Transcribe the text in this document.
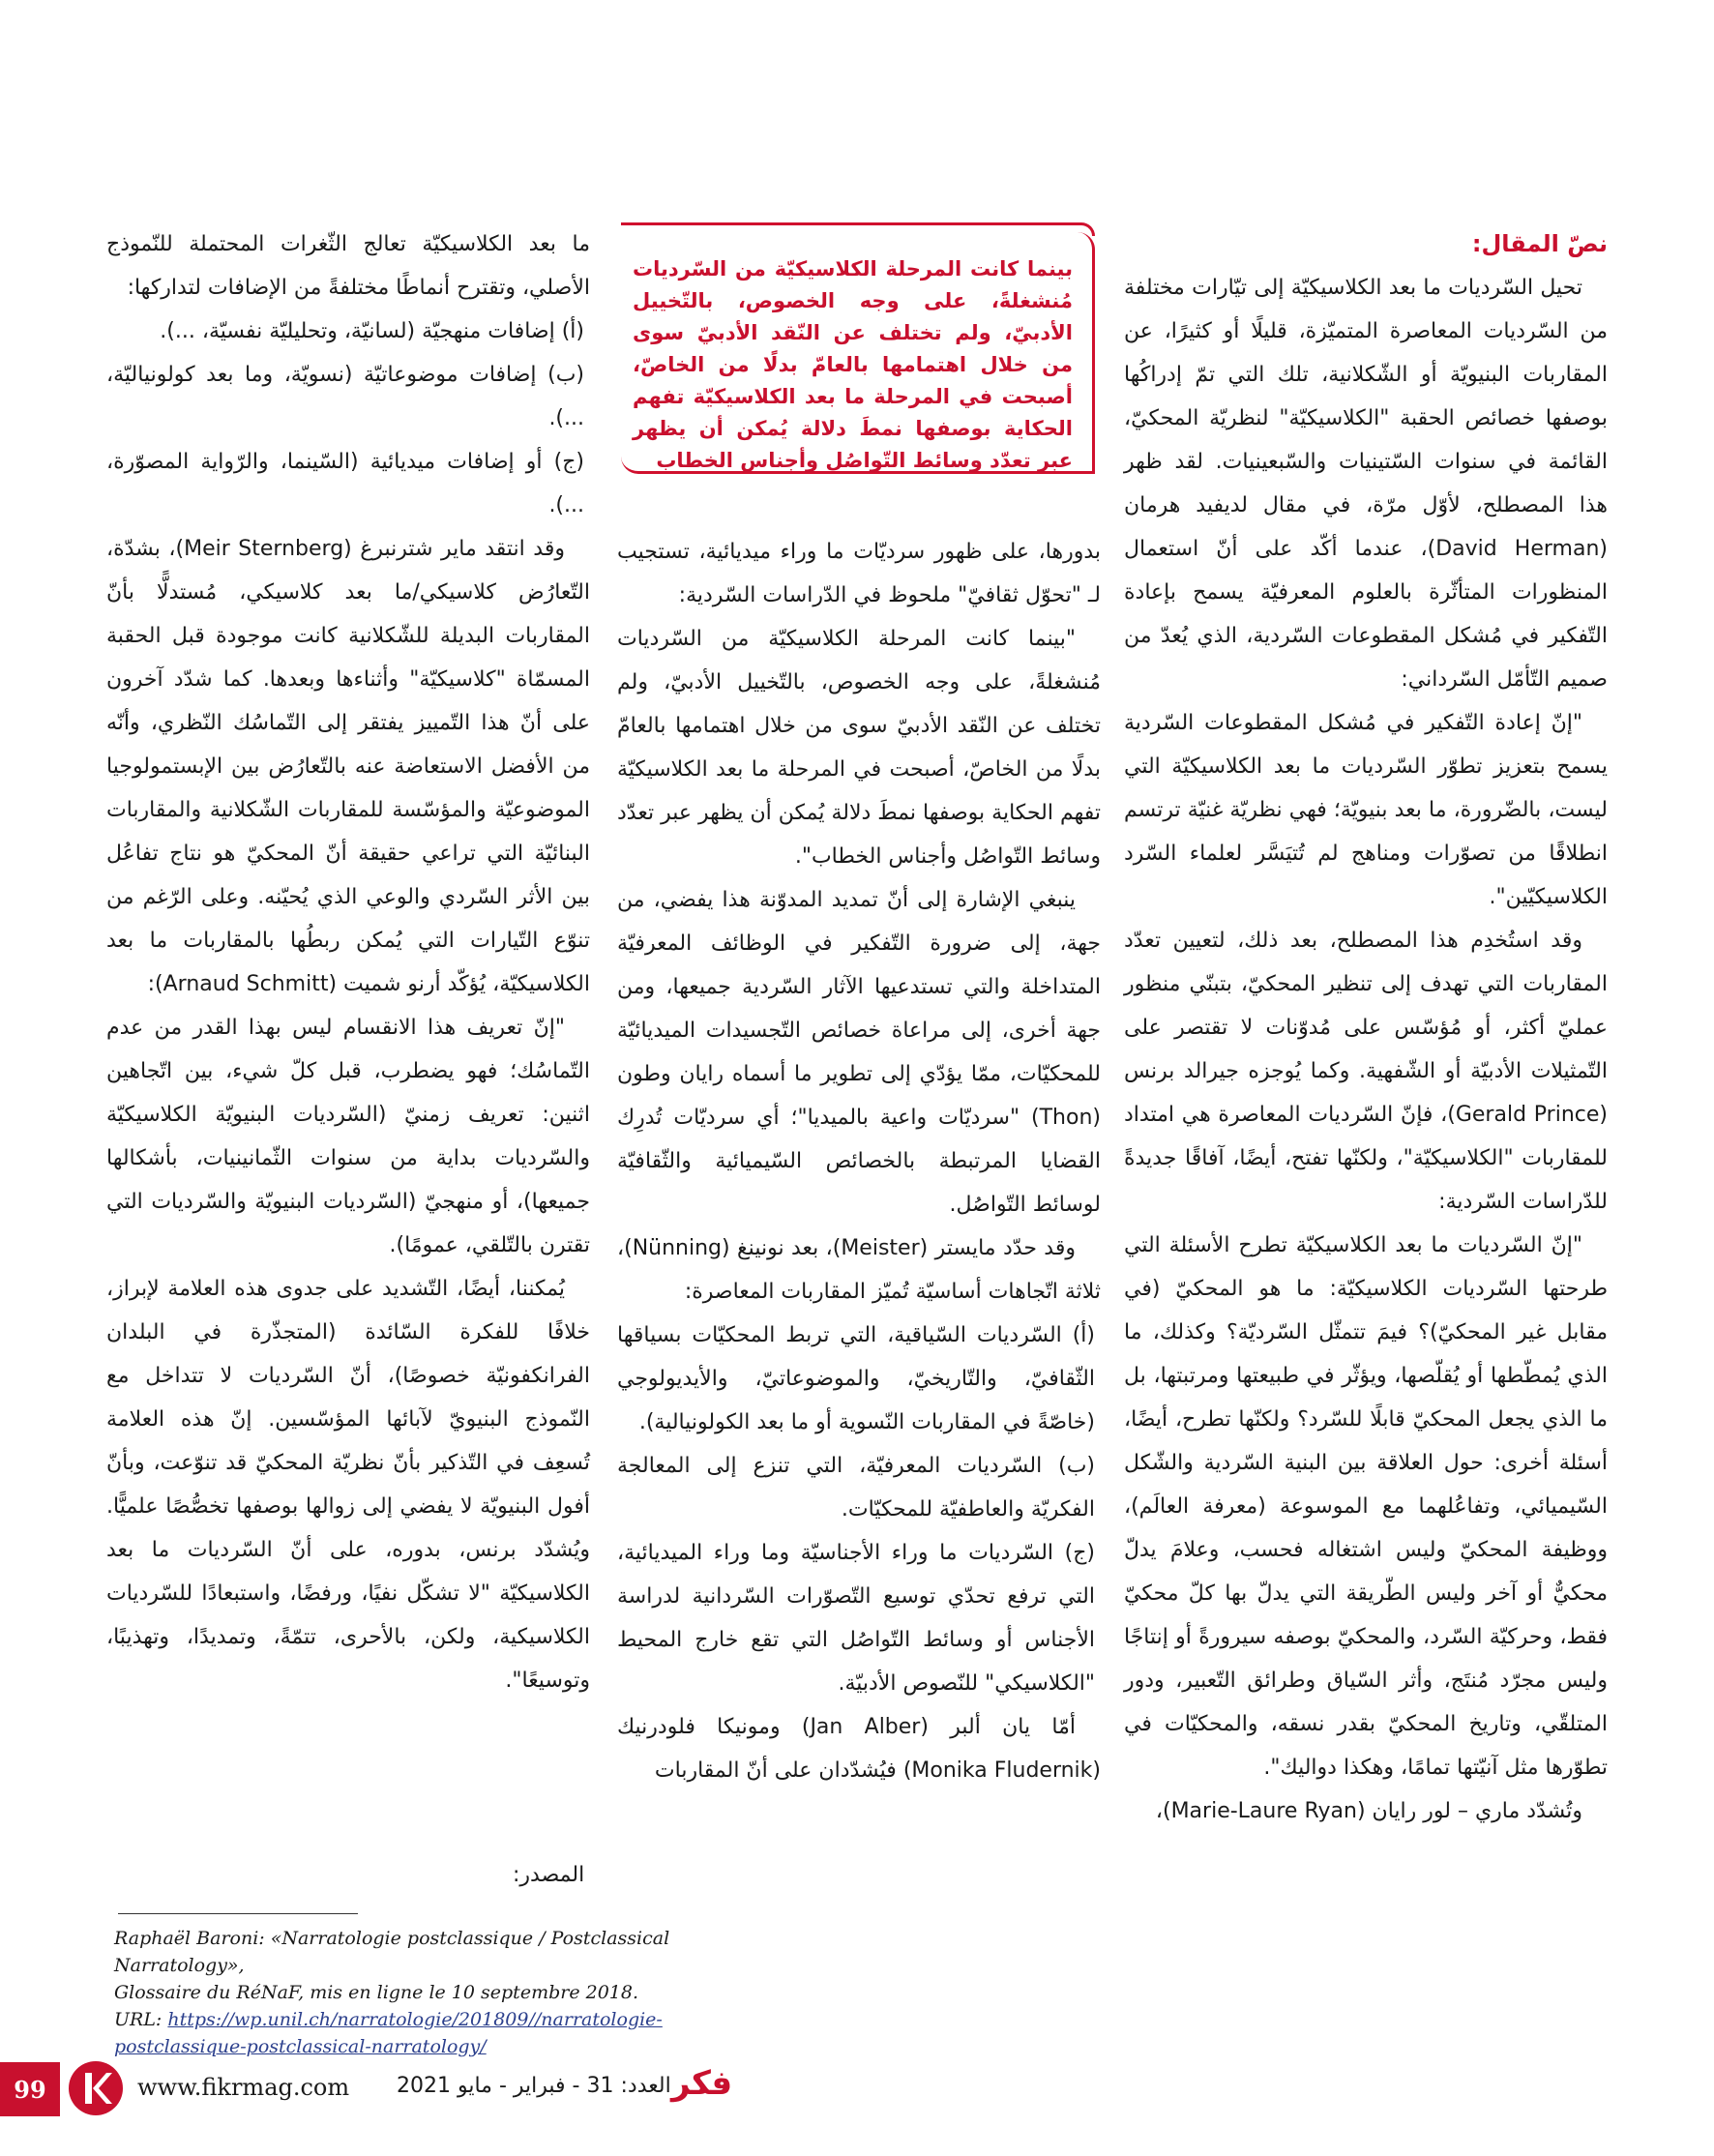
نصّ المقال:

تحيل السّرديات ما بعد الكلاسيكيّة إلى تيّارات مختلفة من السّرديات المعاصرة المتميّزة، قليلًا أو كثيرًا، عن المقاربات البنيويّة أو الشّكلانية، تلك التي تمّ إدراكُها بوصفها خصائص الحقبة "الكلاسيكيّة" لنظريّة المحكيّ، القائمة في سنوات السّتينيات والسّبعينيات. لقد ظهر هذا المصطلح، لأوّل مرّة، في مقال لديفيد هرمان (David Herman)، عندما أكّد على أنّ استعمال المنظورات المتأثّرة بالعلوم المعرفيّة يسمح بإعادة التّفكير في مُشكل المقطوعات السّردية، الذي يُعدّ من صميم التّأمّل السّرداني:

"إنّ إعادة التّفكير في مُشكل المقطوعات السّردية يسمح بتعزيز تطوّر السّرديات ما بعد الكلاسيكيّة التي ليست، بالضّرورة، ما بعد بنيويّة؛ فهي نظريّة غنيّة ترتسم انطلاقًا من تصوّرات ومناهج لم تُتيَسَّر لعلماء السّرد الكلاسيكيّين".

وقد استُخدِم هذا المصطلح، بعد ذلك، لتعيين تعدّد المقاربات التي تهدف إلى تنظير المحكيّ، بتبنّي منظور عمليّ أكثر، أو مُؤسّس على مُدوّنات لا تقتصر على التّمثيلات الأدبيّة أو الشّفهية. وكما يُوجزه جيرالد برنس (Gerald Prince)، فإنّ السّرديات المعاصرة هي امتداد للمقاربات "الكلاسيكيّة"، ولكنّها تفتح، أيضًا، آفاقًا جديدةً للدّراسات السّردية:

"إنّ السّرديات ما بعد الكلاسيكيّة تطرح الأسئلة التي طرحتها السّرديات الكلاسيكيّة: ما هو المحكيّ (في مقابل غير المحكيّ)؟ فيمَ تتمثّل السّرديّة؟ وكذلك، ما الذي يُمطّطها أو يُقلّصها، ويؤثّر في طبيعتها ومرتبتها، بل ما الذي يجعل المحكيّ قابلًا للسّرد؟ ولكنّها تطرح، أيضًا، أسئلة أخرى: حول العلاقة بين البنية السّردية والشّكل السّيميائي، وتفاعُلهما مع الموسوعة (معرفة العالَم)، ووظيفة المحكيّ وليس اشتغاله فحسب، وعلامَ يدلّ محكيٌّ أو آخر وليس الطّريقة التي يدلّ بها كلّ محكيّ فقط، وحركيّة السّرد، والمحكيّ بوصفه سيرورةً أو إنتاجًا وليس مجرّد مُنتَج، وأثر السّياق وطرائق التّعبير، ودور المتلقّي، وتاريخ المحكيّ بقدر نسقه، والمحكيّات في تطوّرها مثل آنيّتها تمامًا، وهكذا دواليك".

وتُشدّد ماري – لور رايان (Marie-Laure Ryan)،

بينما كانت المرحلة الكلاسيكيّة من السّرديات مُنشغلةً، على وجه الخصوص، بالتّخييل الأدبيّ، ولم تختلف عن النّقد الأدبيّ سوى من خلال اهتمامها بالعامّ بدلًا من الخاصّ، أصبحت في المرحلة ما بعد الكلاسيكيّة تفهم الحكاية بوصفها نمطَ دلالة يُمكن أن يظهر عبر تعدّد وسائط التّواصُل وأجناس الخطاب

بدورها، على ظهور سرديّات ما وراء ميديائية، تستجيب لـ "تحوّل ثقافيّ" ملحوظ في الدّراسات السّردية:

"بينما كانت المرحلة الكلاسيكيّة من السّرديات مُنشغلةً، على وجه الخصوص، بالتّخييل الأدبيّ، ولم تختلف عن النّقد الأدبيّ سوى من خلال اهتمامها بالعامّ بدلًا من الخاصّ، أصبحت في المرحلة ما بعد الكلاسيكيّة تفهم الحكاية بوصفها نمطَ دلالة يُمكن أن يظهر عبر تعدّد وسائط التّواصُل وأجناس الخطاب".

ينبغي الإشارة إلى أنّ تمديد المدوّنة هذا يفضي، من جهة، إلى ضرورة التّفكير في الوظائف المعرفيّة المتداخلة والتي تستدعيها الآثار السّردية جميعها، ومن جهة أخرى، إلى مراعاة خصائص التّجسيدات الميديائيّة للمحكيّات، ممّا يؤدّي إلى تطوير ما أسماه رايان وطون (Thon) "سرديّات واعية بالميديا"؛ أي سرديّات تُدرِك القضايا المرتبطة بالخصائص السّيميائية والثّقافيّة لوسائط التّواصُل.

وقد حدّد مايستر (Meister)، بعد نونينغ (Nünning)، ثلاثة اتّجاهات أساسيّة تُميّز المقاربات المعاصرة:

(أ) السّرديات السّياقية، التي تربط المحكيّات بسياقها الثّقافيّ، والتّاريخيّ، والموضوعاتيّ، والأيديولوجي (خاصّةً في المقاربات النّسوية أو ما بعد الكولونيالية).

(ب) السّرديات المعرفيّة، التي تنزع إلى المعالجة الفكريّة والعاطفيّة للمحكيّات.

(ج) السّرديات ما وراء الأجناسيّة وما وراء الميديائية، التي ترفع تحدّي توسيع التّصوّرات السّردانية لدراسة الأجناس أو وسائط التّواصُل التي تقع خارج المحيط "الكلاسيكي" للنّصوص الأدبيّة.

أمّا يان ألبر (Jan Alber) ومونيكا فلودرنيك (Monika Fludernik) فيُشدّدان على أنّ المقاربات

ما بعد الكلاسيكيّة تعالج الثّغرات المحتملة للنّموذج الأصلي، وتقترح أنماطًا مختلفةً من الإضافات لتداركها:

(أ) إضافات منهجيّة (لسانيّة، وتحليليّة نفسيّة، ...).

(ب) إضافات موضوعاتيّة (نسويّة، وما بعد كولونياليّة، ...).

(ج) أو إضافات ميديائية (السّينما، والرّواية المصوّرة، ...).

وقد انتقد ماير شترنبرغ (Meir Sternberg)، بشدّة، التّعارُض كلاسيكي/ما بعد كلاسيكي، مُستدلًّا بأنّ المقاربات البديلة للشّكلانية كانت موجودة قبل الحقبة المسمّاة "كلاسيكيّة" وأثناءها وبعدها. كما شدّد آخرون على أنّ هذا التّمييز يفتقر إلى التّماسُك النّظري، وأنّه من الأفضل الاستعاضة عنه بالتّعارُض بين الإبستمولوجيا الموضوعيّة والمؤسّسة للمقاربات الشّكلانية والمقاربات البنائيّة التي تراعي حقيقة أنّ المحكيّ هو نتاج تفاعُل بين الأثر السّردي والوعي الذي يُحيّنه. وعلى الرّغم من تنوّع التّيارات التي يُمكن ربطُها بالمقاربات ما بعد الكلاسيكيّة، يُؤكّد أرنو شميت (Arnaud Schmitt):

"إنّ تعريف هذا الانقسام ليس بهذا القدر من عدم التّماسُك؛ فهو يضطرب، قبل كلّ شيء، بين اتّجاهين اثنين: تعريف زمنيّ (السّرديات البنيويّة الكلاسيكيّة والسّرديات بداية من سنوات الثّمانينيات، بأشكالها جميعها)، أو منهجيّ (السّرديات البنيويّة والسّرديات التي تقترن بالتّلقي، عمومًا).

يُمكننا، أيضًا، التّشديد على جدوى هذه العلامة لإبراز، خلافًا للفكرة السّائدة (المتجذّرة في البلدان الفرانكفونيّة خصوصًا)، أنّ السّرديات لا تتداخل مع النّموذج البنيويّ لآبائها المؤسّسين. إنّ هذه العلامة تُسعِف في التّذكير بأنّ نظريّة المحكيّ قد تنوّعت، وبأنّ أفول البنيويّة لا يفضي إلى زوالها بوصفها تخصُّصًا علميًّا. ويُشدّد برنس، بدوره، على أنّ السّرديات ما بعد الكلاسيكيّة "لا تشكّل نفيًا، ورفضًا، واستبعادًا للسّرديات الكلاسيكية، ولكن، بالأحرى، تتمّةً، وتمديدًا، وتهذيبًا، وتوسيعًا".

المصدر:
Raphaël Baroni: «Narratologie postclassique / Postclassical Narratology»,
Glossaire du RéNaF, mis en ligne le 10 septembre 2018.
URL: https://wp.unil.ch/narratologie/201809//narratologie-postclassique-postclassical-narratology/
99	www.fikrmag.com العدد: 31 - فبراير - مايو 2021 فكر
